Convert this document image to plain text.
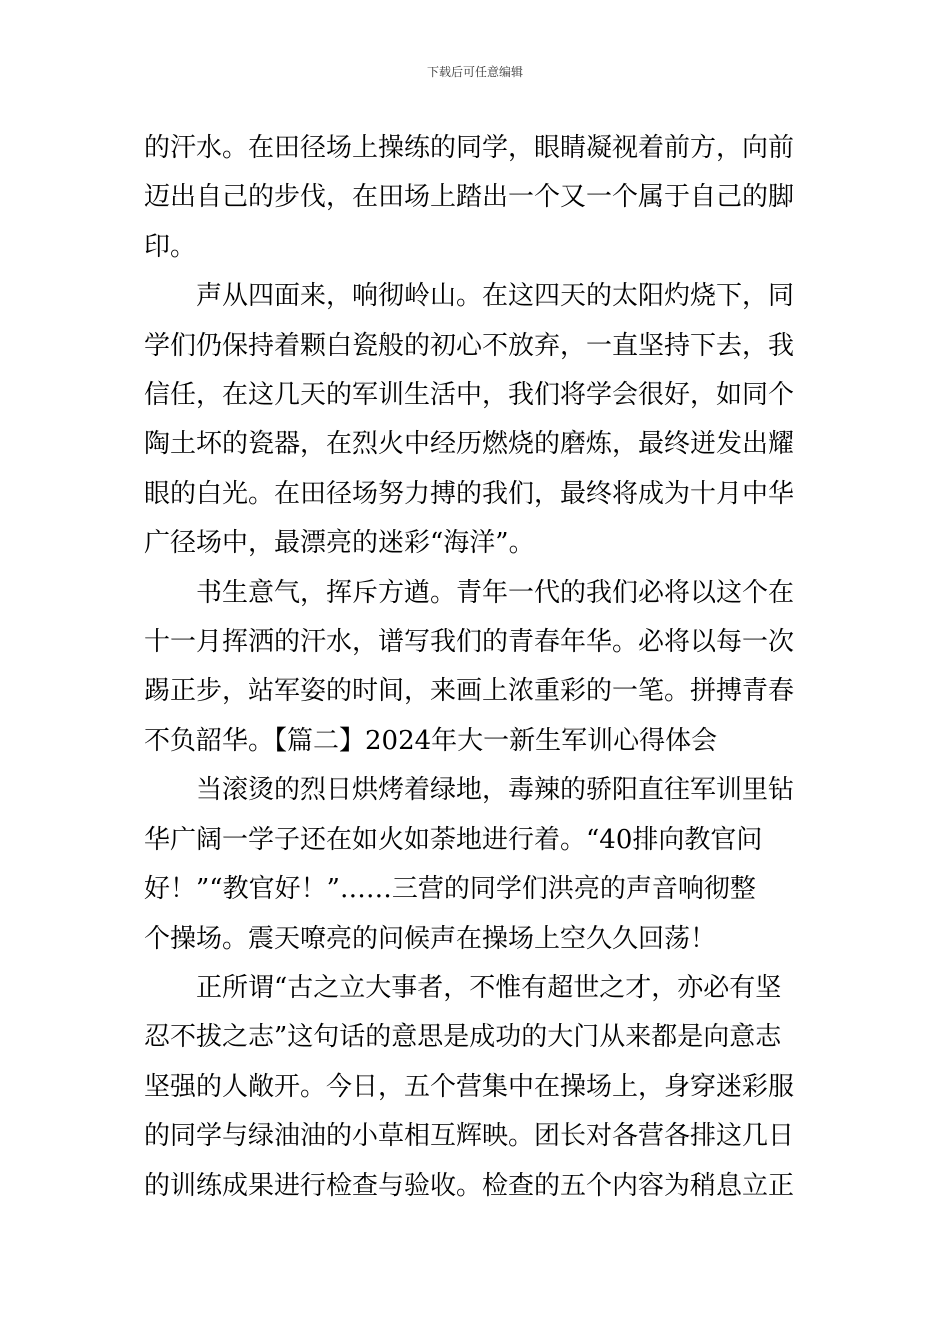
下载后可任意编辑

的汗水。在田径场上操练的同学，眼睛凝视着前方，向前
迈出自己的步伐，在田场上踏出一个又一个属于自己的脚
印。

声从四面来，响彻岭山。在这四天的太阳灼烧下，同
学们仍保持着颗白瓷般的初心不放弃，一直坚持下去，我
信任，在这几天的军训生活中，我们将学会很好，如同个
陶土坏的瓷器，在烈火中经历燃烧的磨炼，最终迸发出耀
眼的白光。在田径场努力搏的我们，最终将成为十月中华
广径场中，最漂亮的迷彩“海洋”。

书生意气，挥斥方遒。青年一代的我们必将以这个在
十一月挥洒的汗水，谱写我们的青春年华。必将以每一次
踢正步，站军姿的时间，来画上浓重彩的一笔。拼搏青春
不负韶华。【篇二】2024年大一新生军训心得体会

当滚烫的烈日烘烤着绿地，毒辣的骄阳直往军训里钻
华广阔一学子还在如火如荼地进行着。“40排向教官问
好！”“教官好！”……三营的同学们洪亮的声音响彻整
个操场。震天嘹亮的问候声在操场上空久久回荡！

正所谓“古之立大事者，不惟有超世之才，亦必有坚
忍不拔之志”这句话的意思是成功的大门从来都是向意志
坚强的人敞开。今日，五个营集中在操场上，身穿迷彩服
的同学与绿油油的小草相互辉映。团长对各营各排这几日
的训练成果进行检查与验收。检查的五个内容为稍息立正
